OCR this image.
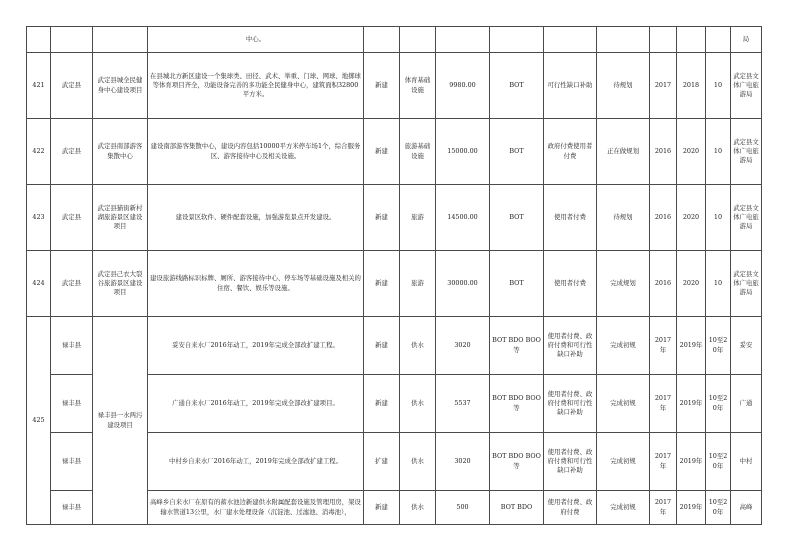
			中心。										局
421	武定县	武定县城全民健身中心建设项目	在县城北方新区建设一个集球类、田径、武术、举重、门球、网球、地掷球等体育项目齐全，功能设备完善的多功能全民健身中心，建筑面积32800平方米。	新建	体育基础设施	9980.00	BOT	可行性缺口补助	待规划	2017	2018	10	武定县文体广电旅游局
422	武定县	武定县南部游客集散中心	建设南部游客集散中心，建设内容包括10000平方米停车场1个，综合服务区、游客接待中心及相关设施。	新建	旅游基础设施	15000.00	BOT	政府付费使用者付费	正在做规划	2016	2020	10	武定县文体广电旅游局
423	武定县	武定县猫街新村湖旅游景区建设项目	建设景区软件、硬件配套设施，加强游览景点开发建设。	新建	旅游	14500.00	BOT	使用者付费	待规划	2016	2020	10	武定县文体广电旅游局
424	武定县	武定县己衣大裂谷旅游景区建设项目	建设旅游线路标识标牌、厕所、游客接待中心、停车场等基础设施及相关的住宿、餐饮、娱乐等设施。	新建	旅游	30000.00	BOT	使用者付费	完成规划	2016	2020	10	武定县文体广电旅游局
425	禄丰县	禄丰县一水两污建设项目	妥安自来水厂2016年动工，2019年完成全部改扩建工程。	新建	供水	3020	BOT BDO BOO等	使用者付费、政府付费和可行性缺口补助	完成初规	2017年	2019年	10至20年	妥安
	禄丰县		广通自来水厂2016年动工，2019年完成全部改扩建项目。	新建	供水	5537	BOT BDO BOO等	使用者付费、政府付费和可行性缺口补助	完成初规	2017年	2019年	10至20年	广通
	禄丰县		中村乡自来水厂2016年动工，2019年完成全部改扩建工程。	扩建	供水	3020	BOT BDO BOO等	使用者付费、政府付费和可行性缺口补助	完成初规	2017年	2019年	10至20年	中村
	禄丰县		高峰乡自来水厂在原有的蓄水池边新建供水附属配套设施及管理用房，架设输水管道13公里，水厂建水处理设备（沉淀池、过滤池、消毒池），	新建	供水	500	BOT BDO	使用者付费、政府付费	完成初规	2017年	2019年	10至20年	高峰
